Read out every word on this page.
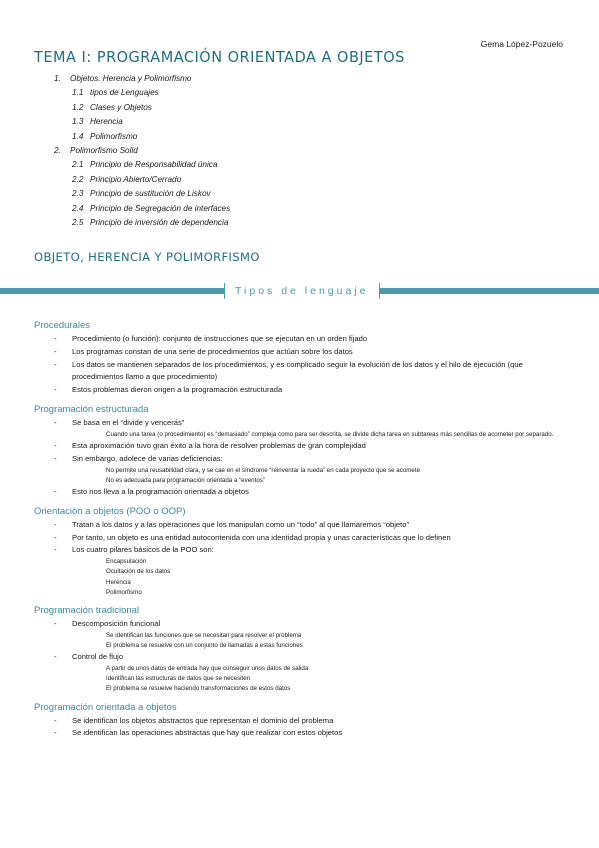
Gema López-Pozuelo
TEMA I: PROGRAMACIÓN ORIENTADA A OBJETOS
1. Objetos. Herencia y Polimorfismo
1.1 tipos de Lenguajes
1.2 Clases y Objetos
1.3 Herencia
1.4 Polimorfismo
2. Polimorfismo Solid
2.1 Principio de Responsabilidad única
2.2 Principio Abierto/Cerrado
2.3 Principio de sustitución de Liskov
2.4 Principio de Segregación de interfaces
2.5 Principio de inversión de dependencia
OBJETO, HERENCIA Y POLIMORFISMO
Tipos de lenguaje
Procedurales
- Procedimiento (o función): conjunto de instrucciones que se ejecutan en un orden fijado
- Los programas constan de una serie de procedimientos que actúan sobre los datos
- Los datos se mantienen separados de los procedimientos, y es complicado seguir la evolución de los datos y el hilo de ejecución (que procedimientos llamo a que procedimiento)
- Estos problemas dieron origen a la programación estructurada
Programación estructurada
- Se basa en el “divide y vencerás”
Cuando una tarea (o procedimiento) es “demasiado” compleja como para ser descrita, se divide dicha tarea en subtareas más sencillas de acometer por separado.
- Esta aproximación tuvo gran éxito a la hora de resolver problemas de gran complejidad
- Sin embargo, adolece de varias deficiencias:
No permite una reusabilidad clara, y se cae en el síndrome “reinventar la rueda” en cada proyecto que se acomete
No es adecuada para programación orientada a “eventos”
- Esto nos lleva a la programación orientada a objetos
Orientación a objetos (POO o OOP)
- Tratan a los datos y a las operaciones que los manipulan como un “todo” al que llamaremos “objeto”
- Por tanto, un objeto es una entidad autocontenida con una identidad propia y unas características que lo definen
- Los cuatro pilares básicos de la POO son:
Encapsulación
Ocultación de los datos
Herencia
Polimorfismo
Programación tradicional
- Descomposición funcional
Se identifican las funciones que se necesitan para resolver el problema
El problema se resuelve con un conjunto de llamadas a estas funciones
- Control de flujo
A partir de unos datos de entrada hay que conseguir unos datos de salida
Identifican las estructuras de datos que se necesiten
El problema se resuelve haciendo transformaciones de estos datos
Programación orientada a objetos
- Se identifican los objetos abstractos que representan el dominio del problema
- Se identifican las operaciones abstractas que hay que realizar con estos objetos
